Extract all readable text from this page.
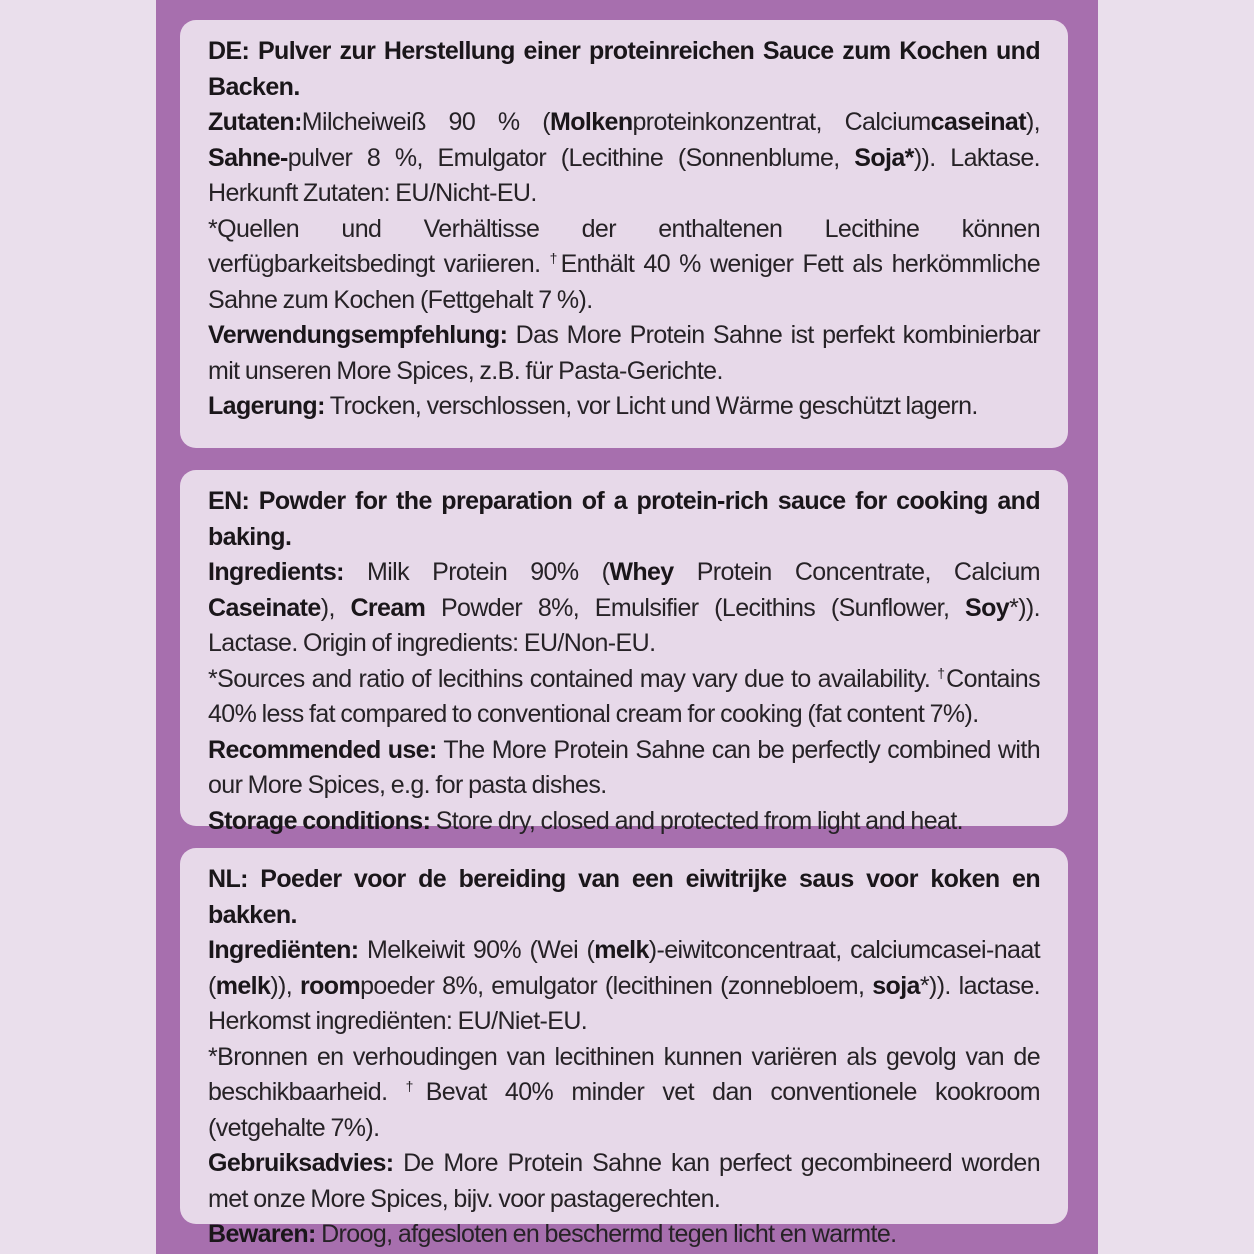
DE: Pulver zur Herstellung einer proteinreichen Sauce zum Kochen und Backen.

Zutaten:Milcheiweiß 90 % (Molkenproteinkonzentrat, Calciumcaseinat), Sahne-pulver 8 %, Emulgator (Lecithine (Sonnenblume, Soja*)). Laktase. Herkunft Zutaten: EU/Nicht-EU.

*Quellen und Verhältisse der enthaltenen Lecithine können verfügbarkeitsbedingt variieren. †Enthält 40 % weniger Fett als herkömmliche Sahne zum Kochen (Fettgehalt 7 %).

Verwendungsempfehlung: Das More Protein Sahne ist perfekt kombinierbar mit unseren More Spices, z.B. für Pasta-Gerichte.

Lagerung: Trocken, verschlossen, vor Licht und Wärme geschützt lagern.

EN: Powder for the preparation of a protein-rich sauce for cooking and baking.

Ingredients: Milk Protein 90% (Whey Protein Concentrate, Calcium Caseinate), Cream Powder 8%, Emulsifier (Lecithins (Sunflower, Soy*)). Lactase. Origin of ingredients: EU/Non-EU.

*Sources and ratio of lecithins contained may vary due to availability. †Contains 40% less fat compared to conventional cream for cooking (fat content 7%).

Recommended use: The More Protein Sahne can be perfectly combined with our More Spices, e.g. for pasta dishes.

Storage conditions: Store dry, closed and protected from light and heat.

NL: Poeder voor de bereiding van een eiwitrijke saus voor koken en bakken.

Ingrediënten: Melkeiwit 90% (Wei (melk)-eiwitconcentraat, calciumcasei-naat (melk)), roompoeder 8%, emulgator (lecithinen (zonnebloem, soja*)). lactase. Herkomst ingrediënten: EU/Niet-EU.

*Bronnen en verhoudingen van lecithinen kunnen variëren als gevolg van de beschikbaarheid. †Bevat 40% minder vet dan conventionele kookroom (vetgehalte 7%).

Gebruiksadvies: De More Protein Sahne kan perfect gecombineerd worden met onze More Spices, bijv. voor pastagerechten.

Bewaren: Droog, afgesloten en beschermd tegen licht en warmte.
